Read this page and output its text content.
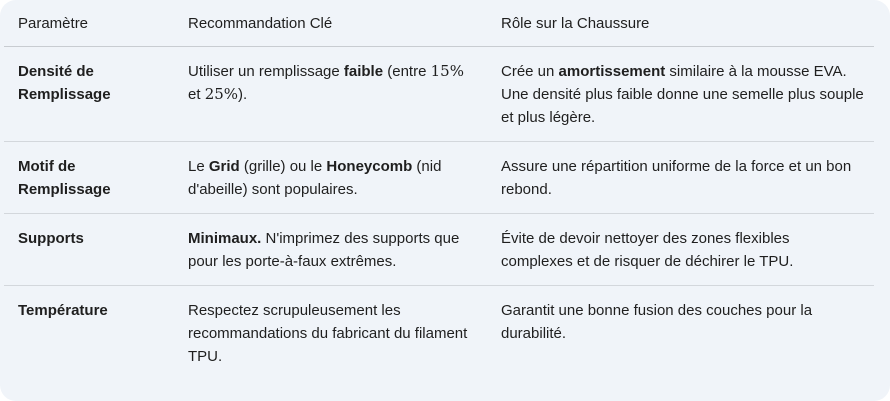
Paramètre	Recommandation Clé	Rôle sur la Chaussure
Densité de Remplissage	Utiliser un remplissage faible (entre 15% et 25%).	Crée un amortissement similaire à la mousse EVA. Une densité plus faible donne une semelle plus souple et plus légère.
Motif de Remplissage	Le Grid (grille) ou le Honeycomb (nid d'abeille) sont populaires.	Assure une répartition uniforme de la force et un bon rebond.
Supports	Minimaux. N'imprimez des supports que pour les porte-à-faux extrêmes.	Évite de devoir nettoyer des zones flexibles complexes et de risquer de déchirer le TPU.
Température	Respectez scrupuleusement les recommandations du fabricant du filament TPU.	Garantit une bonne fusion des couches pour la durabilité.
